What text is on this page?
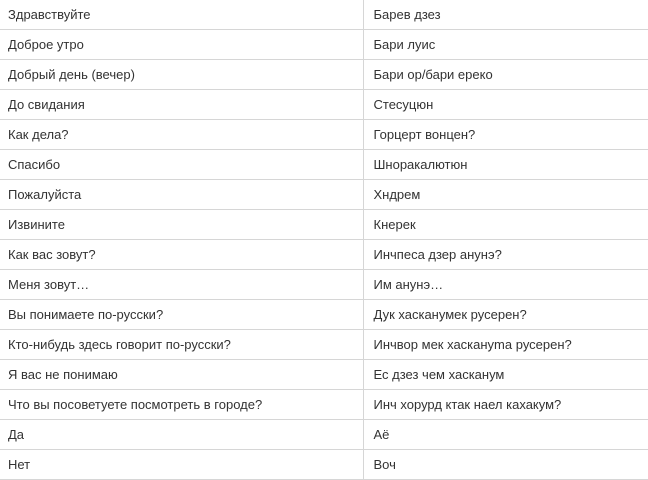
Здравствуйте	Барев дзез
Доброе утро	Бари луис
Добрый день (вечер)	Бари ор/бари ереко
До свидания	Стесуцюн
Как дела?	Горцерт вонцен?
Спасибо	Шноракалютюн
Пожалуйста	Хндрем
Извините	Кнерек
Как вас зовут?	Инчпеса дзер анунэ?
Меня зовут…	Им анунэ…
Вы понимаете по-русски?	Дук хасканумек русерен?
Кто-нибудь здесь говорит по-русски?	Инчвор мек хаскануma русерен?
Я вас не понимаю	Ес дзез чем хасканум
Что вы посоветуете посмотреть в городе?	Инч хорурд ктак наел кахакум?
Да	Аё
Нет	Воч
